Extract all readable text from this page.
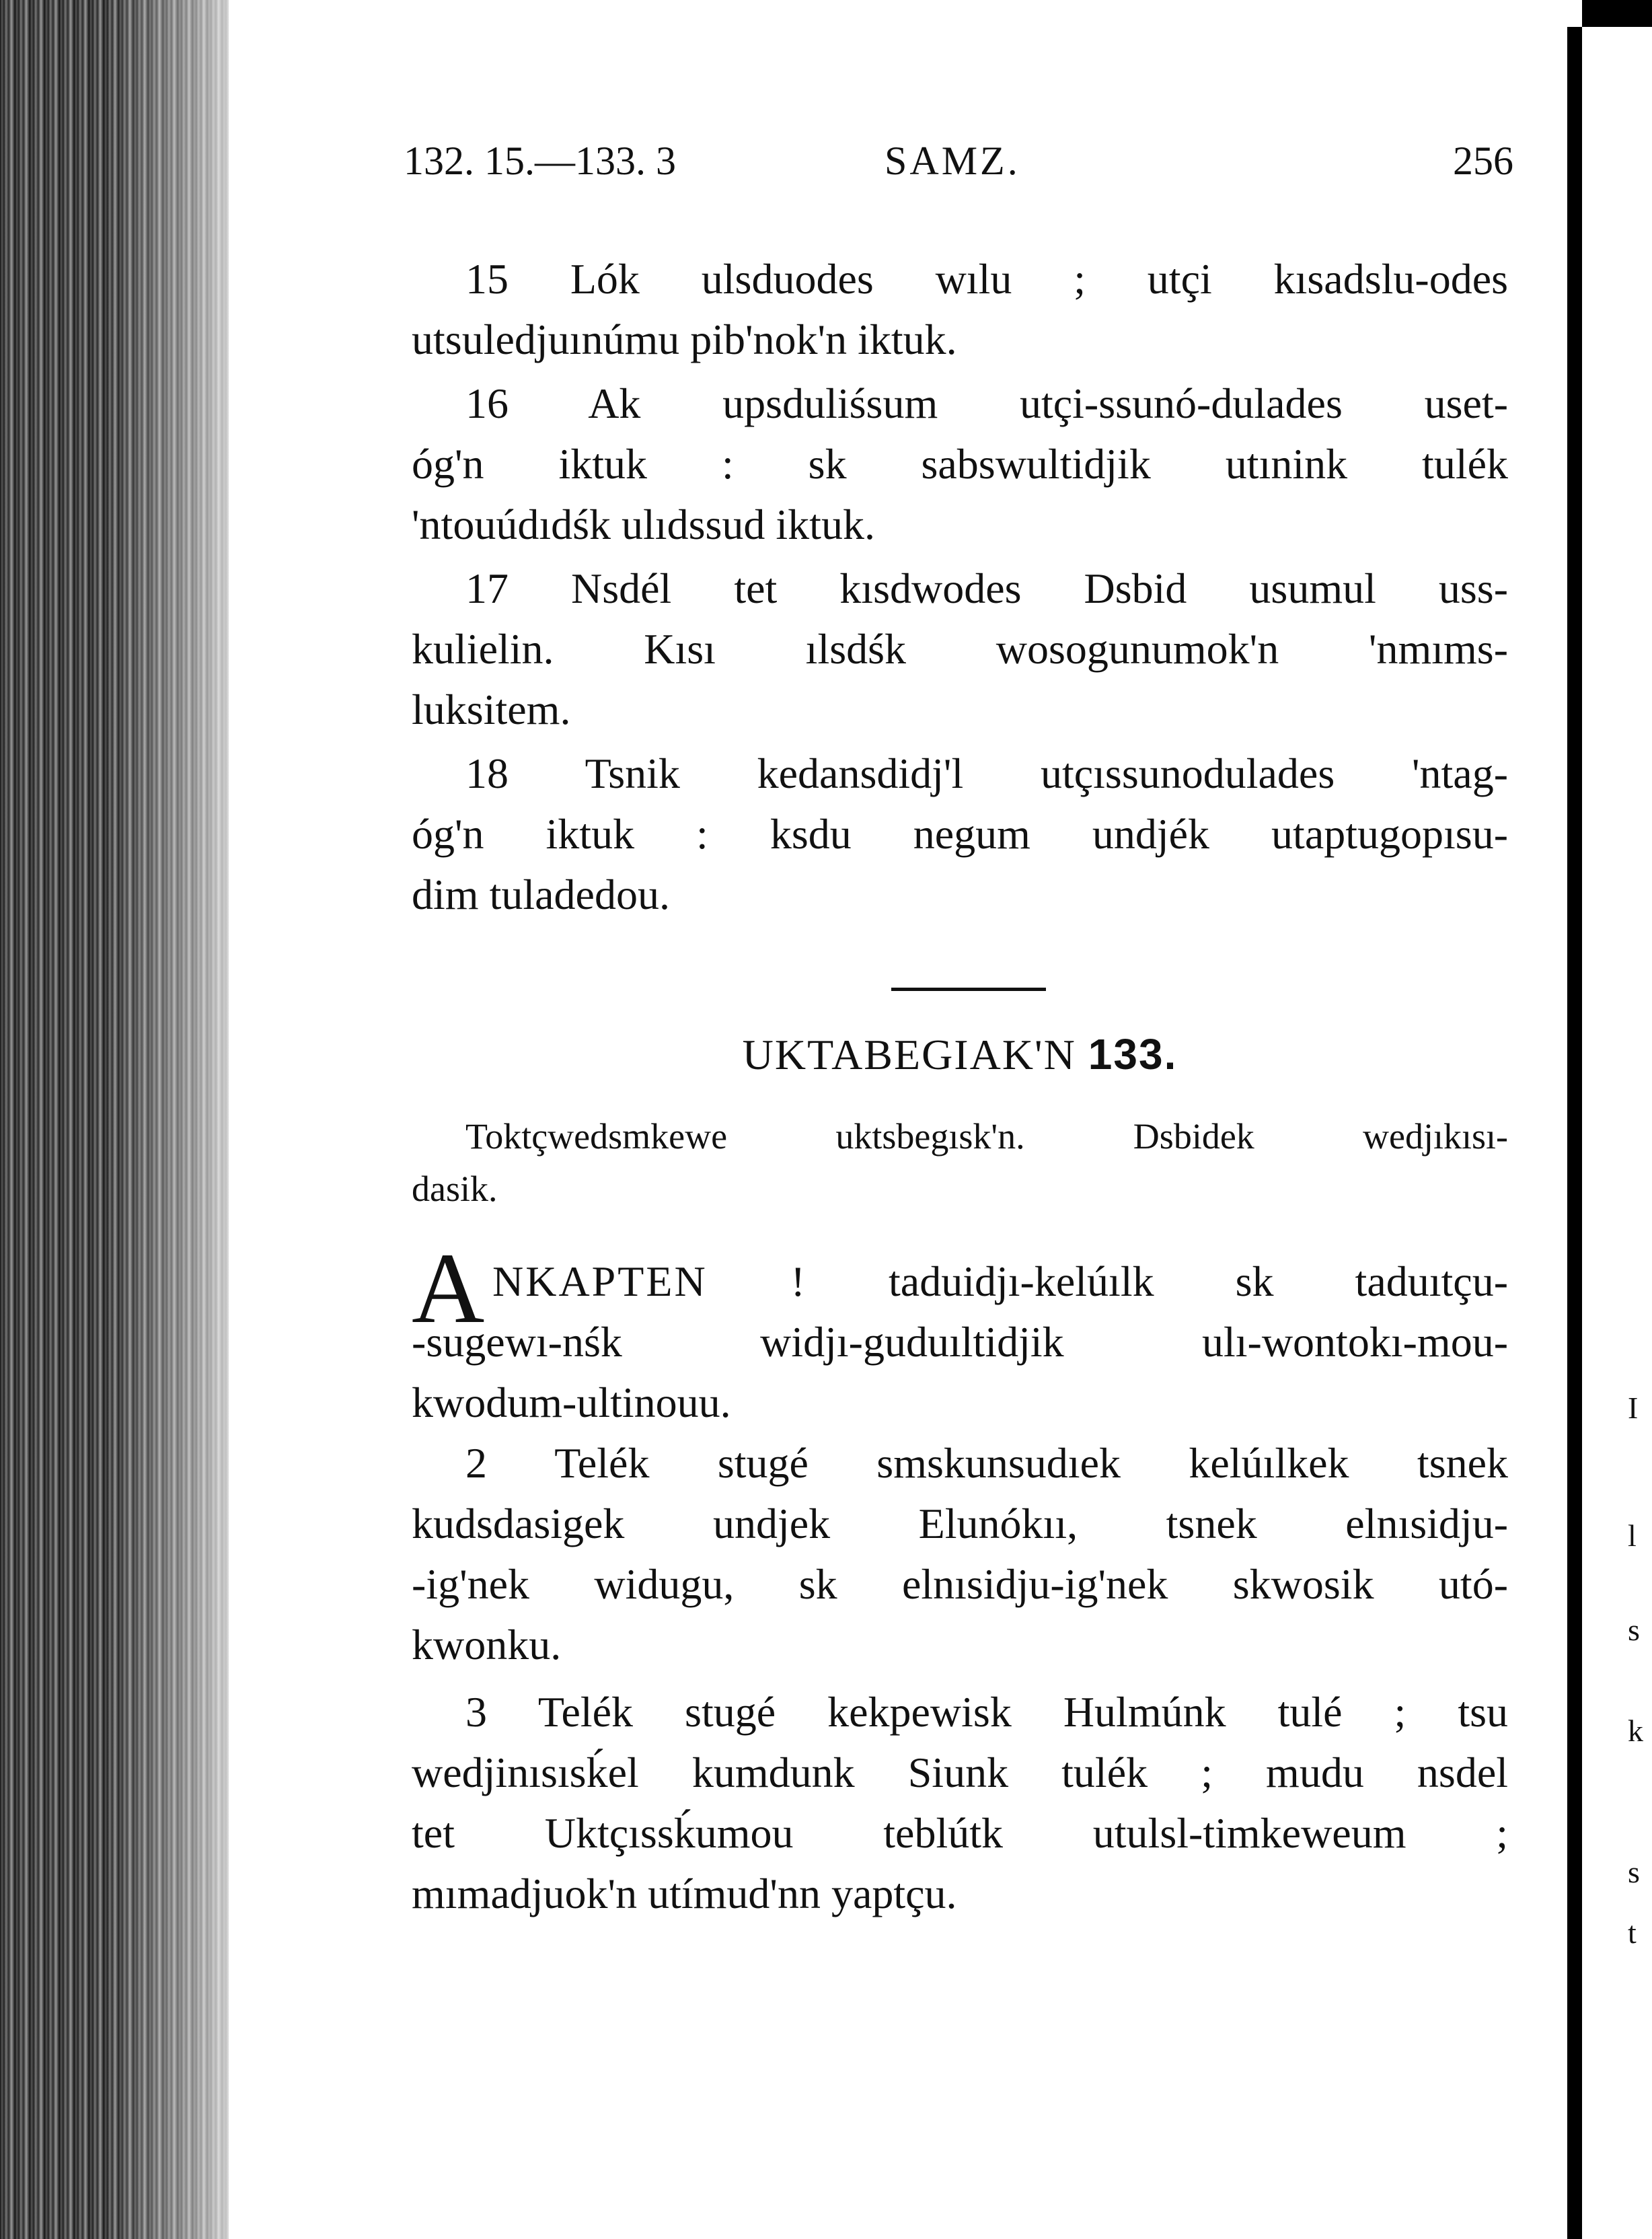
I
l
s
k
s
t
132. 15.—133. 3	SAMZ.	256

15 Lók ulsduodes wılu ; utçi kısadslu-odes
utsuledjuınúmu pib'nok'n iktuk.

16 Ak upsduliśsum utçi-ssunó-dulades uset-
óg'n iktuk : sk sabswultidjik utınink tulék
'ntouúdıdśk ulıdssud iktuk.

17 Nsdél tet kısdwodes Dsbid usumul uss-
kulielin. Kısı ılsdśk wosogunumok'n 'nmıms-
luksitem.

18 Tsnik kedansdidj'l utçıssunodulades 'ntag-
óg'n iktuk : ksdu negum undjék utaptugopısu-
dim tuladedou.

UKTABEGIAK'N 133.
Toktçwedsmkewe uktsbegısk'n. Dsbidek wedjıkısı-
dasik.
A NKAPTEN ! taduidjı-kelúılk sk taduıtçu-
-sugewı-nśk widjı-guduıltidjik ulı-wontokı-mou-
kwodum-ultinouu.

2 Telék stugé smskunsudıek kelúılkek tsnek
kudsdasigek undjek Elunókıı, tsnek elnısidju-
-ig'nek widugu, sk elnısidju-ig'nek skwosik utó-
kwonku.

3 Telék stugé kekpewisk Hulmúnk tulé ; tsu
wedjinısısḱel kumdunk Siunk tulék ; mudu nsdel
tet Uktçıssḱumou teblútk utulsl-timkeweum ;
mımadjuok'n utímud'nn yaptçu.
